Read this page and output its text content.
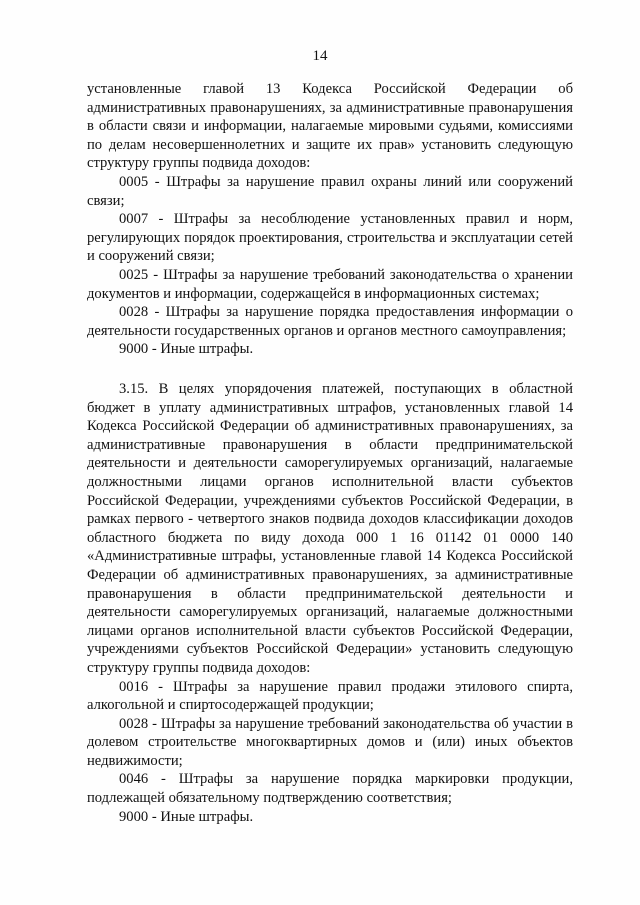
14

установленные главой 13 Кодекса Российской Федерации об административных правонарушениях, за административные правонарушения в области связи и информации, налагаемые мировыми судьями, комиссиями по делам несовершеннолетних и защите их прав» установить следующую структуру группы подвида доходов:

0005 - Штрафы за нарушение правил охраны линий или сооружений связи;

0007 - Штрафы за несоблюдение установленных правил и норм, регулирующих порядок проектирования, строительства и эксплуатации сетей и сооружений связи;

0025 - Штрафы за нарушение требований законодательства о хранении документов и информации, содержащейся в информационных системах;

0028 - Штрафы за нарушение порядка предоставления информации о деятельности государственных органов и органов местного самоуправления;

9000 - Иные штрафы.

3.15. В целях упорядочения платежей, поступающих в областной бюджет в уплату административных штрафов, установленных главой 14 Кодекса Российской Федерации об административных правонарушениях, за административные правонарушения в области предпринимательской деятельности и деятельности саморегулируемых организаций, налагаемые должностными лицами органов исполнительной власти субъектов Российской Федерации, учреждениями субъектов Российской Федерации, в рамках первого - четвертого знаков подвида доходов классификации доходов областного бюджета по виду дохода 000 1 16 01142 01 0000 140 «Административные штрафы, установленные главой 14 Кодекса Российской Федерации об административных правонарушениях, за административные правонарушения в области предпринимательской деятельности и деятельности саморегулируемых организаций, налагаемые должностными лицами органов исполнительной власти субъектов Российской Федерации, учреждениями субъектов Российской Федерации» установить следующую структуру группы подвида доходов:

0016 - Штрафы за нарушение правил продажи этилового спирта, алкогольной и спиртосодержащей продукции;

0028 - Штрафы за нарушение требований законодательства об участии в долевом строительстве многоквартирных домов и (или) иных объектов недвижимости;

0046 - Штрафы за нарушение порядка маркировки продукции, подлежащей обязательному подтверждению соответствия;

9000 - Иные штрафы.
